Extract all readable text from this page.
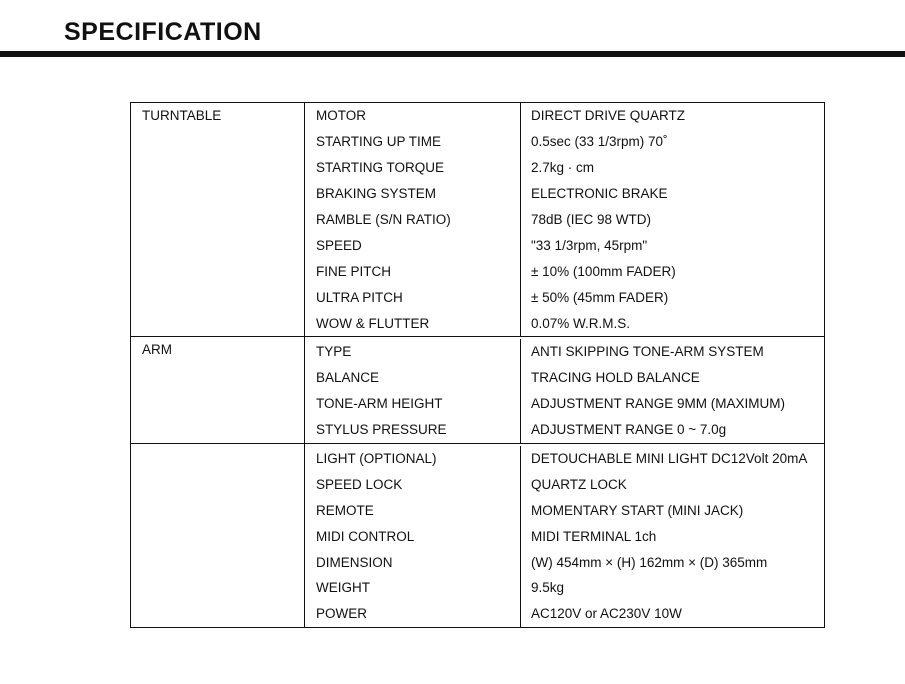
SPECIFICATION
TURNTABLE	MOTOR	DIRECT DRIVE QUARTZ
STARTING UP TIME	0.5sec (33 1/3rpm) 70˚
STARTING TORQUE	2.7kg · cm
BRAKING SYSTEM	ELECTRONIC BRAKE
RAMBLE (S/N RATIO)	78dB (IEC 98 WTD)
SPEED	"33 1/3rpm, 45rpm"
FINE PITCH	± 10% (100mm FADER)
ULTRA PITCH	± 50% (45mm FADER)
WOW & FLUTTER	0.07% W.R.M.S.
ARM	TYPE	ANTI SKIPPING TONE-ARM SYSTEM
BALANCE	TRACING HOLD BALANCE
TONE-ARM HEIGHT	ADJUSTMENT RANGE 9MM (MAXIMUM)
STYLUS PRESSURE	ADJUSTMENT RANGE 0 ~ 7.0g
LIGHT (OPTIONAL)	DETOUCHABLE MINI LIGHT DC12Volt 20mA
SPEED LOCK	QUARTZ LOCK
REMOTE	MOMENTARY START (MINI JACK)
MIDI CONTROL	MIDI TERMINAL 1ch
DIMENSION	(W) 454mm × (H) 162mm × (D) 365mm
WEIGHT	9.5kg
POWER	AC120V or AC230V 10W
